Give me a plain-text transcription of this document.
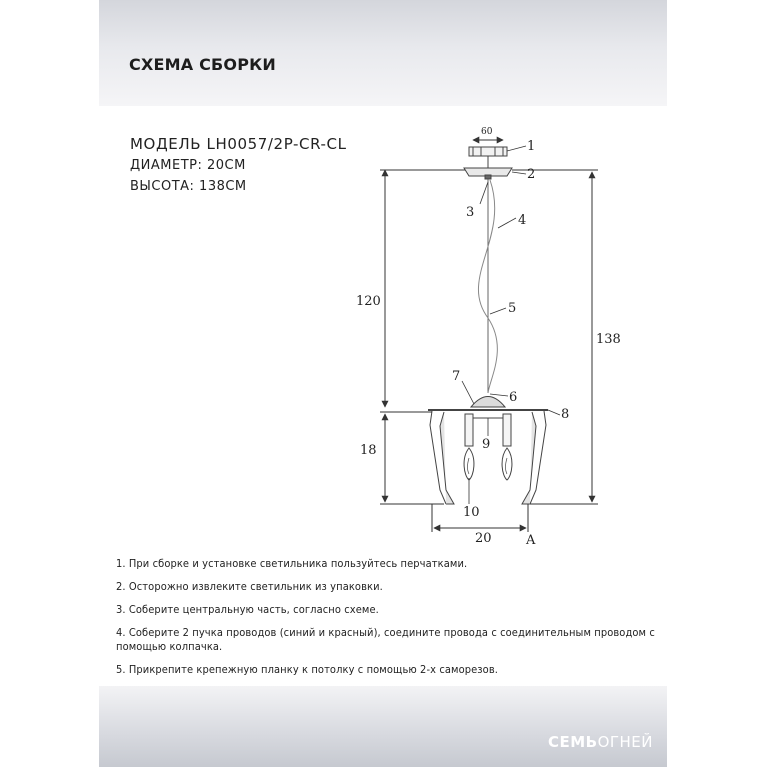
СХЕМА СБОРКИ
МОДЕЛЬ LH0057/2P-CR-CL
ДИАМЕТР: 20СМ
ВЫСОТА: 138СМ
60
120
138
18
20	A
1
2
3
4
5
6
7
8
9
10
1. При сборке и установке светильника пользуйтесь перчатками.
2. Осторожно извлеките светильник из упаковки.
3. Соберите центральную часть, согласно схеме.
4. Соберите 2 пучка проводов (синий и красный), соедините провода с соединительным проводом с помощью колпачка.
5. Прикрепите крепежную планку к потолку с помощью 2-х саморезов.
СЕМЬОГНЕЙ
